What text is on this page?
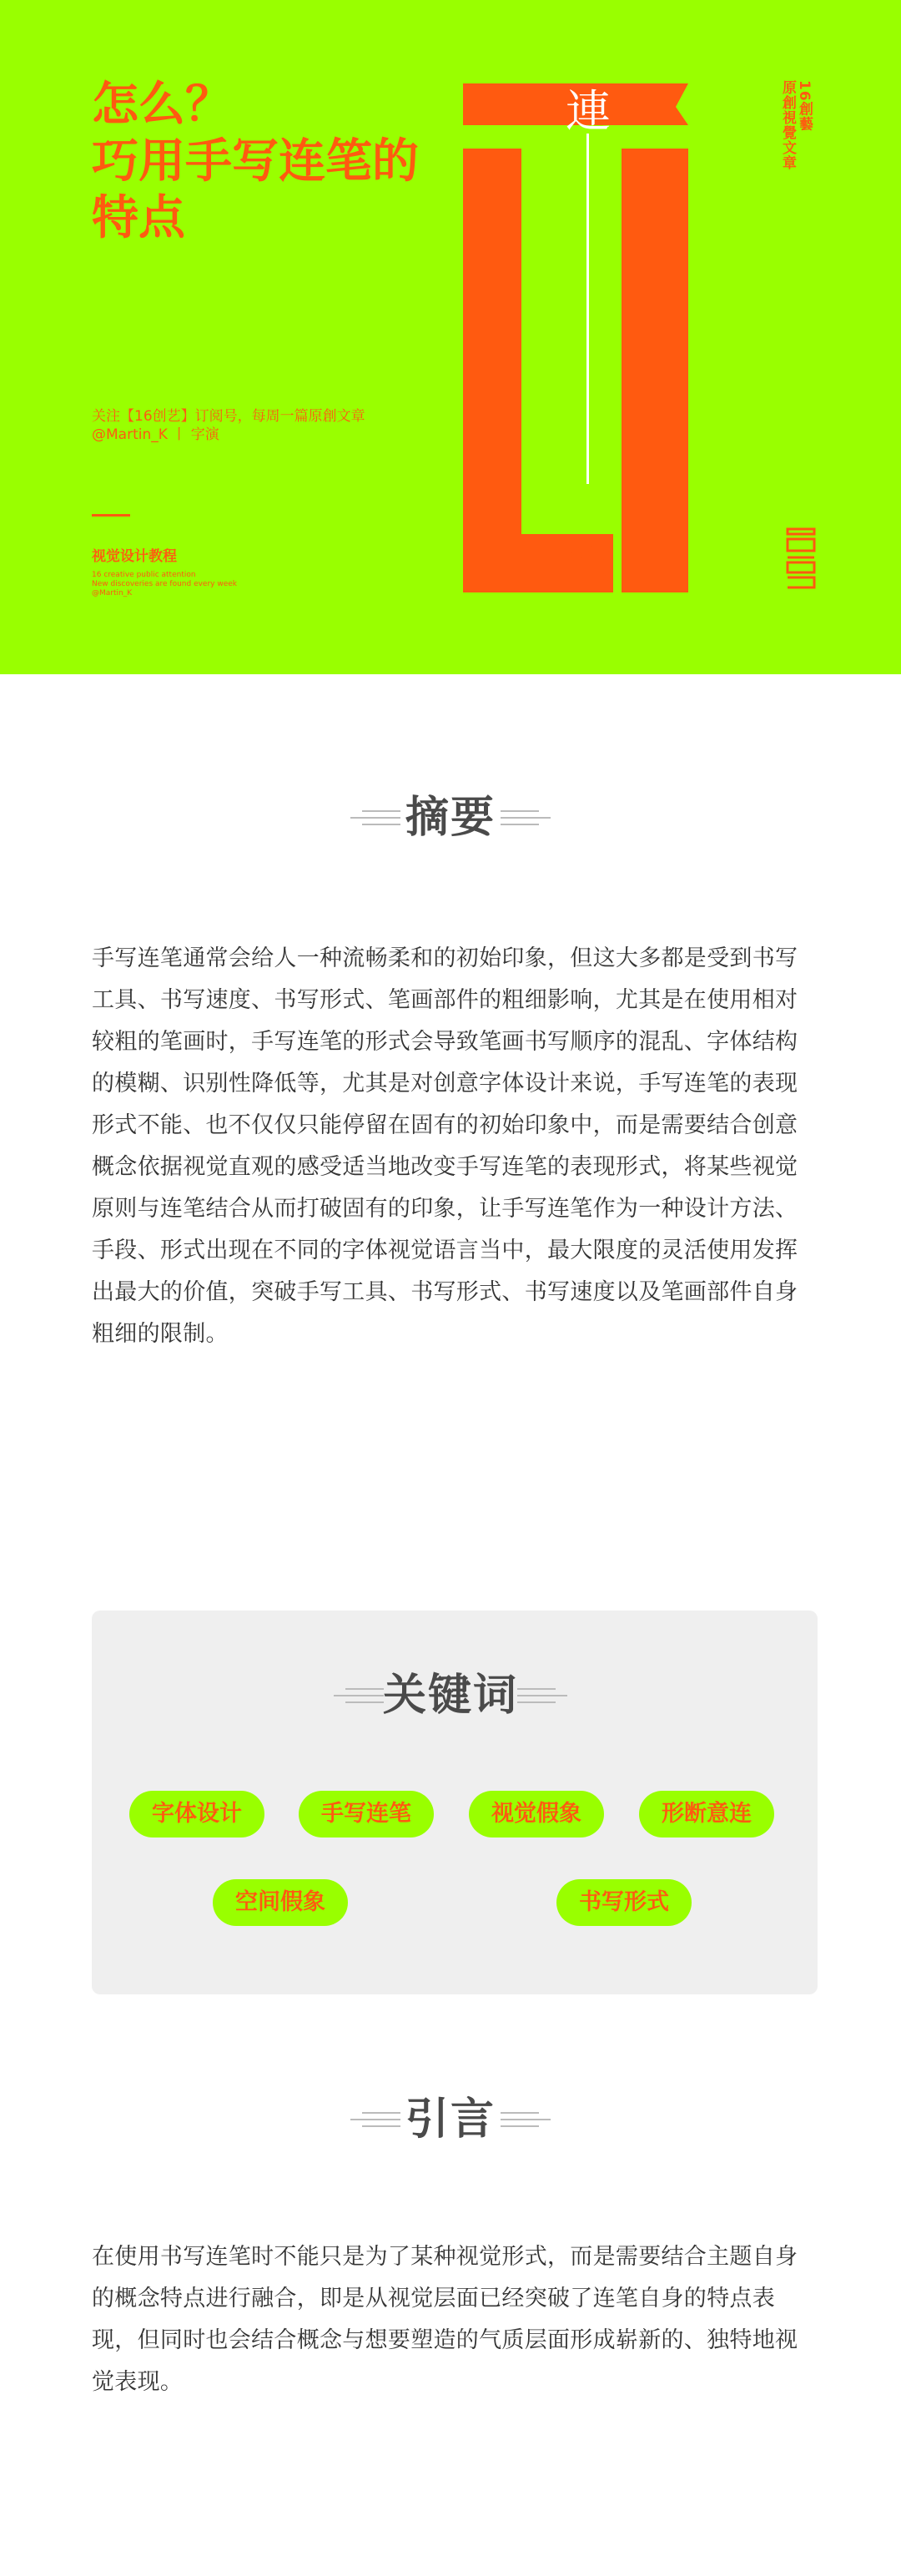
怎么？
巧用手写连笔的
特点
关注【16创艺】订阅号，每周一篇原創文章
@Martin_K 丨 字演
视觉设计教程
16 creative public attention
New discoveries are found every week
@Martin_K
連
筆
16創藝
原創視覺文章
摘要

手写连笔通常会给人一种流畅柔和的初始印象，但这大多都是受到书写工具、书写速度、书写形式、笔画部件的粗细影响，尤其是在使用相对较粗的笔画时，手写连笔的形式会导致笔画书写顺序的混乱、字体结构的模糊、识别性降低等，尤其是对创意字体设计来说，手写连笔的表现形式不能、也不仅仅只能停留在固有的初始印象中，而是需要结合创意概念依据视觉直观的感受适当地改变手写连笔的表现形式，将某些视觉原则与连笔结合从而打破固有的印象，让手写连笔作为一种设计方法、手段、形式出现在不同的字体视觉语言当中，最大限度的灵活使用发挥出最大的价值，突破手写工具、书写形式、书写速度以及笔画部件自身粗细的限制。

关键词
字体设计	手写连笔	视觉假象	形断意连
空间假象	书写形式
引言

在使用书写连笔时不能只是为了某种视觉形式，而是需要结合主题自身的概念特点进行融合，即是从视觉层面已经突破了连笔自身的特点表现，但同时也会结合概念与想要塑造的气质层面形成崭新的、独特地视觉表现。
